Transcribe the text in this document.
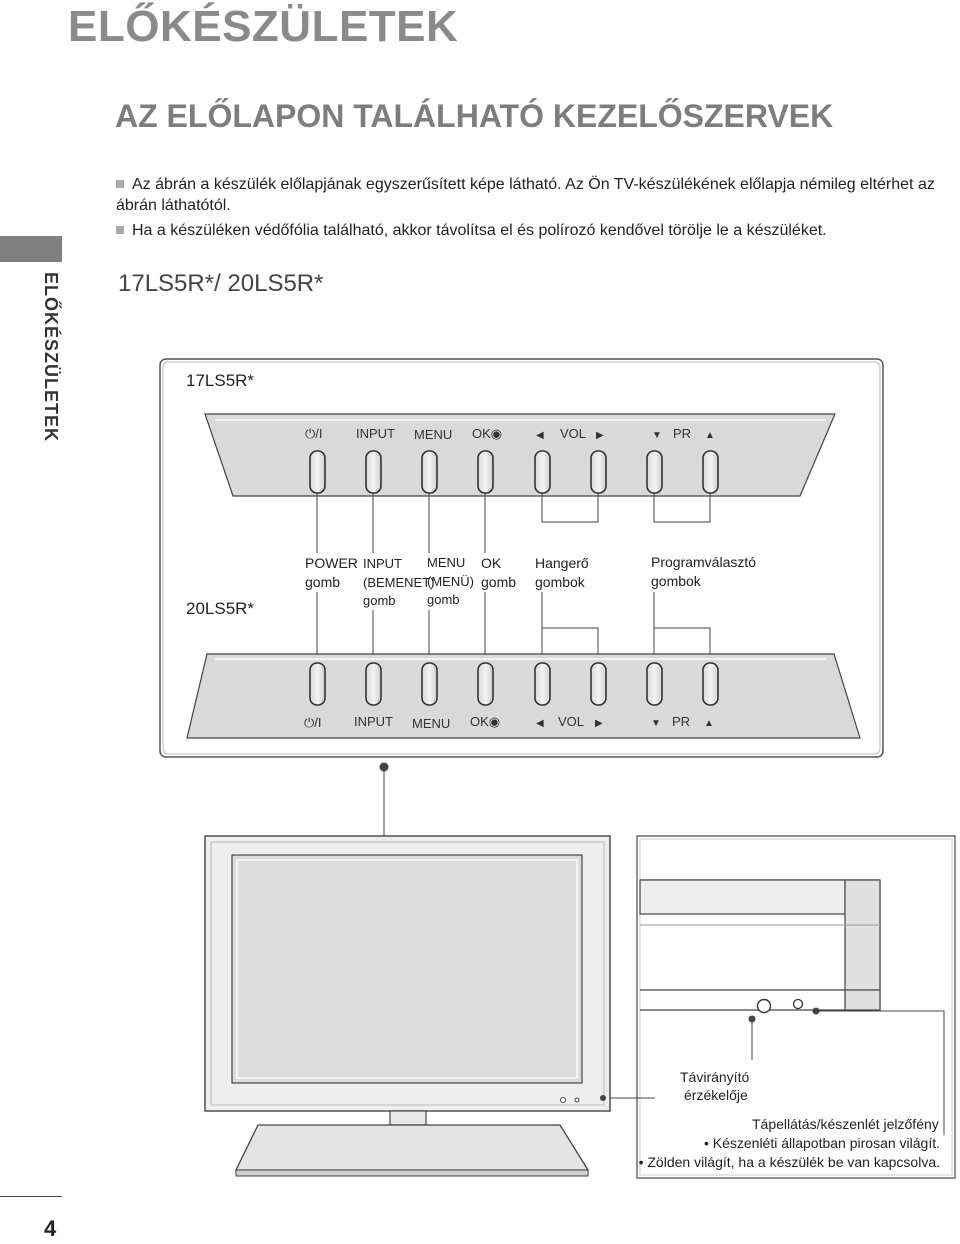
ELŐKÉSZÜLETEK
AZ ELŐLAPON TALÁLHATÓ KEZELŐSZERVEK
Az ábrán a készülék előlapjának egyszerűsített képe látható. Az Ön TV-készülékének előlapja némileg eltérhet az ábrán láthatótól.
Ha a készüléken védőfólia található, akkor távolítsa el és polírozó kendővel törölje le a készüléket.
17LS5R*/ 20LS5R*
ELŐKÉSZÜLETEK
4
17LS5R*
⏻/I	INPUT MENU OK◉	◀ VOL ▶	▼ PR ▲
POWER
gomb
INPUT
(BEMENET)
gomb
MENU
(MENÜ)
gomb
OK
gomb
Hangerő
gombok
Programválasztó
gombok
20LS5R*
⏻/I INPUT MENU OK◉	◀ VOL ▶	▼ PR ▲
Távirányító
érzékelője
Tápellátás/készenlét jelzőfény
• Készenléti állapotban pirosan világít.
• Zölden világít, ha a készülék be van kapcsolva.
